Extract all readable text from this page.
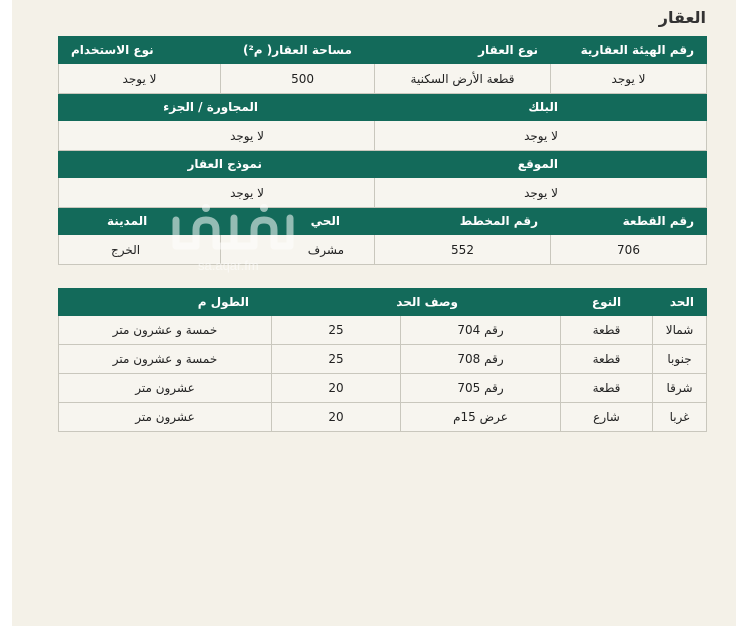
العقار
رقم الهيئة العقارية	نوع العقار	مساحة العقار( م²)	نوع الاستخدام
لا يوجد	قطعة الأرض السكنية	500	لا يوجد
البلك		المجاورة / الجزء	
لا يوجد		لا يوجد	
الموقع		نموذج العقار	
لا يوجد		لا يوجد	
رقم القطعة	رقم المخطط	الحي	المدينة
706	552	مشرف	الخرج
الحد	النوع	وصف الحد		الطول م
شمالا	قطعة	رقم 704	25	خمسة و عشرون متر
جنوبا	قطعة	رقم 708	25	خمسة و عشرون متر
شرقا	قطعة	رقم 705	20	عشرون متر
غربا	شارع	عرض 15م	20	عشرون متر
sa.aqar.fm
